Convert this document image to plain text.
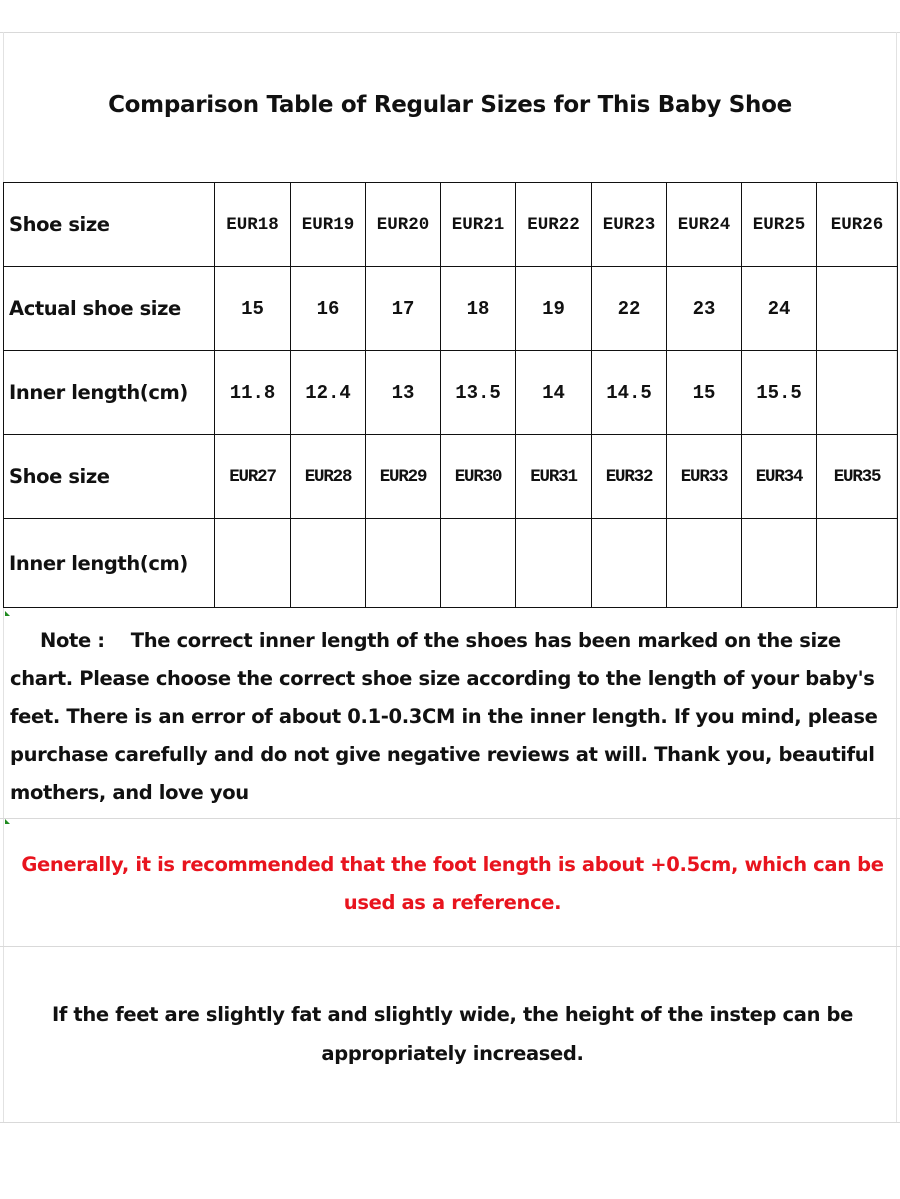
Comparison Table of Regular Sizes for This Baby Shoe
Shoe size	EUR18	EUR19	EUR20	EUR21	EUR22	EUR23	EUR24	EUR25	EUR26
Actual shoe size	15	16	17	18	19	22	23	24	
Inner length(cm)	11.8	12.4	13	13.5	14	14.5	15	15.5	
Shoe size	EUR27	EUR28	EUR29	EUR30	EUR31	EUR32	EUR33	EUR34	EUR35
Inner length(cm)									
Note : The correct inner length of the shoes has been marked on the size chart. Please choose the correct shoe size according to the length of your baby's feet. There is an error of about 0.1-0.3CM in the inner length. If you mind, please purchase carefully and do not give negative reviews at will. Thank you, beautiful mothers, and love you
Generally, it is recommended that the foot length is about +0.5cm, which can be used as a reference.
If the feet are slightly fat and slightly wide, the height of the instep can be appropriately increased.
